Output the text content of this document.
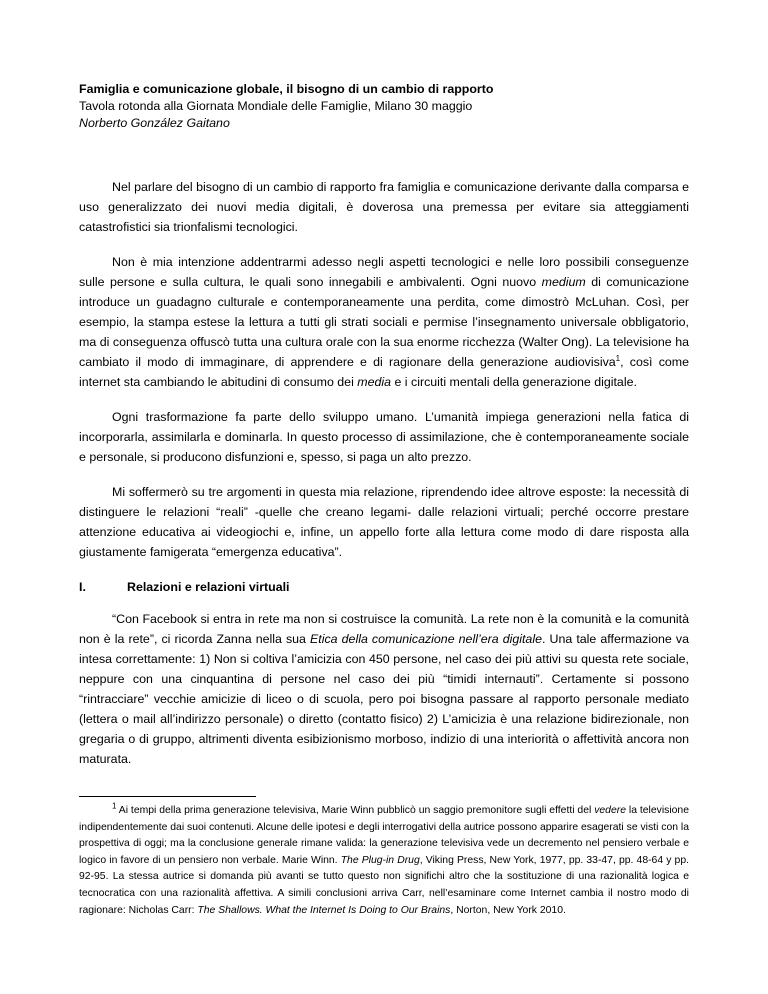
Famiglia e comunicazione globale, il bisogno di un cambio di rapporto
Tavola rotonda alla Giornata Mondiale delle Famiglie, Milano 30 maggio
Norberto González Gaitano

Nel parlare del bisogno di un cambio di rapporto fra famiglia e comunicazione derivante dalla comparsa e uso generalizzato dei nuovi media digitali, è doverosa una premessa per evitare sia atteggiamenti catastrofistici sia trionfalismi tecnologici.

Non è mia intenzione addentrarmi adesso negli aspetti tecnologici e nelle loro possibili conseguenze sulle persone e sulla cultura, le quali sono innegabili e ambivalenti. Ogni nuovo medium di comunicazione introduce un guadagno culturale e contemporaneamente una perdita, come dimostrò McLuhan. Così, per esempio, la stampa estese la lettura a tutti gli strati sociali e permise l’insegnamento universale obbligatorio, ma di conseguenza offuscò tutta una cultura orale con la sua enorme ricchezza (Walter Ong). La televisione ha cambiato il modo di immaginare, di apprendere e di ragionare della generazione audiovisiva$^1$, così come internet sta cambiando le abitudini di consumo dei media e i circuiti mentali della generazione digitale.

Ogni trasformazione fa parte dello sviluppo umano. L’umanità impiega generazioni nella fatica di incorporarla, assimilarla e dominarla. In questo processo di assimilazione, che è contemporaneamente sociale e personale, si producono disfunzioni e, spesso, si paga un alto prezzo.

Mi soffermerò su tre argomenti in questa mia relazione, riprendendo idee altrove esposte: la necessità di distinguere le relazioni “reali” -quelle che creano legami- dalle relazioni virtuali; perché occorre prestare attenzione educativa ai videogiochi e, infine, un appello forte alla lettura come modo di dare risposta alla giustamente famigerata “emergenza educativa”.

I.	Relazioni e relazioni virtuali

“Con Facebook si entra in rete ma non si costruisce la comunità. La rete non è la comunità e la comunità non è la rete”, ci ricorda Zanna nella sua Etica della comunicazione nell’era digitale. Una tale affermazione va intesa correttamente: 1) Non si coltiva l’amicizia con 450 persone, nel caso dei più attivi su questa rete sociale, neppure con una cinquantina di persone nel caso dei più “timidi internauti”. Certamente si possono “rintracciare” vecchie amicizie di liceo o di scuola, pero poi bisogna passare al rapporto personale mediato (lettera o mail all’indirizzo personale) o diretto (contatto fisico) 2) L’amicizia è una relazione bidirezionale, non gregaria o di gruppo, altrimenti diventa esibizionismo morboso, indizio di una interiorità o affettività ancora non maturata.

$^1$ Ai tempi della prima generazione televisiva, Marie Winn pubblicò un saggio premonitore sugli effetti del vedere la televisione indipendentemente dai suoi contenuti. Alcune delle ipotesi e degli interrogativi della autrice possono apparire esagerati se visti con la prospettiva di oggi; ma la conclusione generale rimane valida: la generazione televisiva vede un decremento nel pensiero verbale e logico in favore di un pensiero non verbale. Marie Winn. The Plug-in Drug, Viking Press, New York, 1977, pp. 33-47, pp. 48-64 y pp. 92-95. La stessa autrice si domanda più avanti se tutto questo non significhi altro che la sostituzione di una razionalità logica e tecnocratica con una razionalità affettiva. A simili conclusioni arriva Carr, nell’esaminare come Internet cambia il nostro modo di ragionare: Nicholas Carr: The Shallows. What the Internet Is Doing to Our Brains, Norton, New York 2010.
